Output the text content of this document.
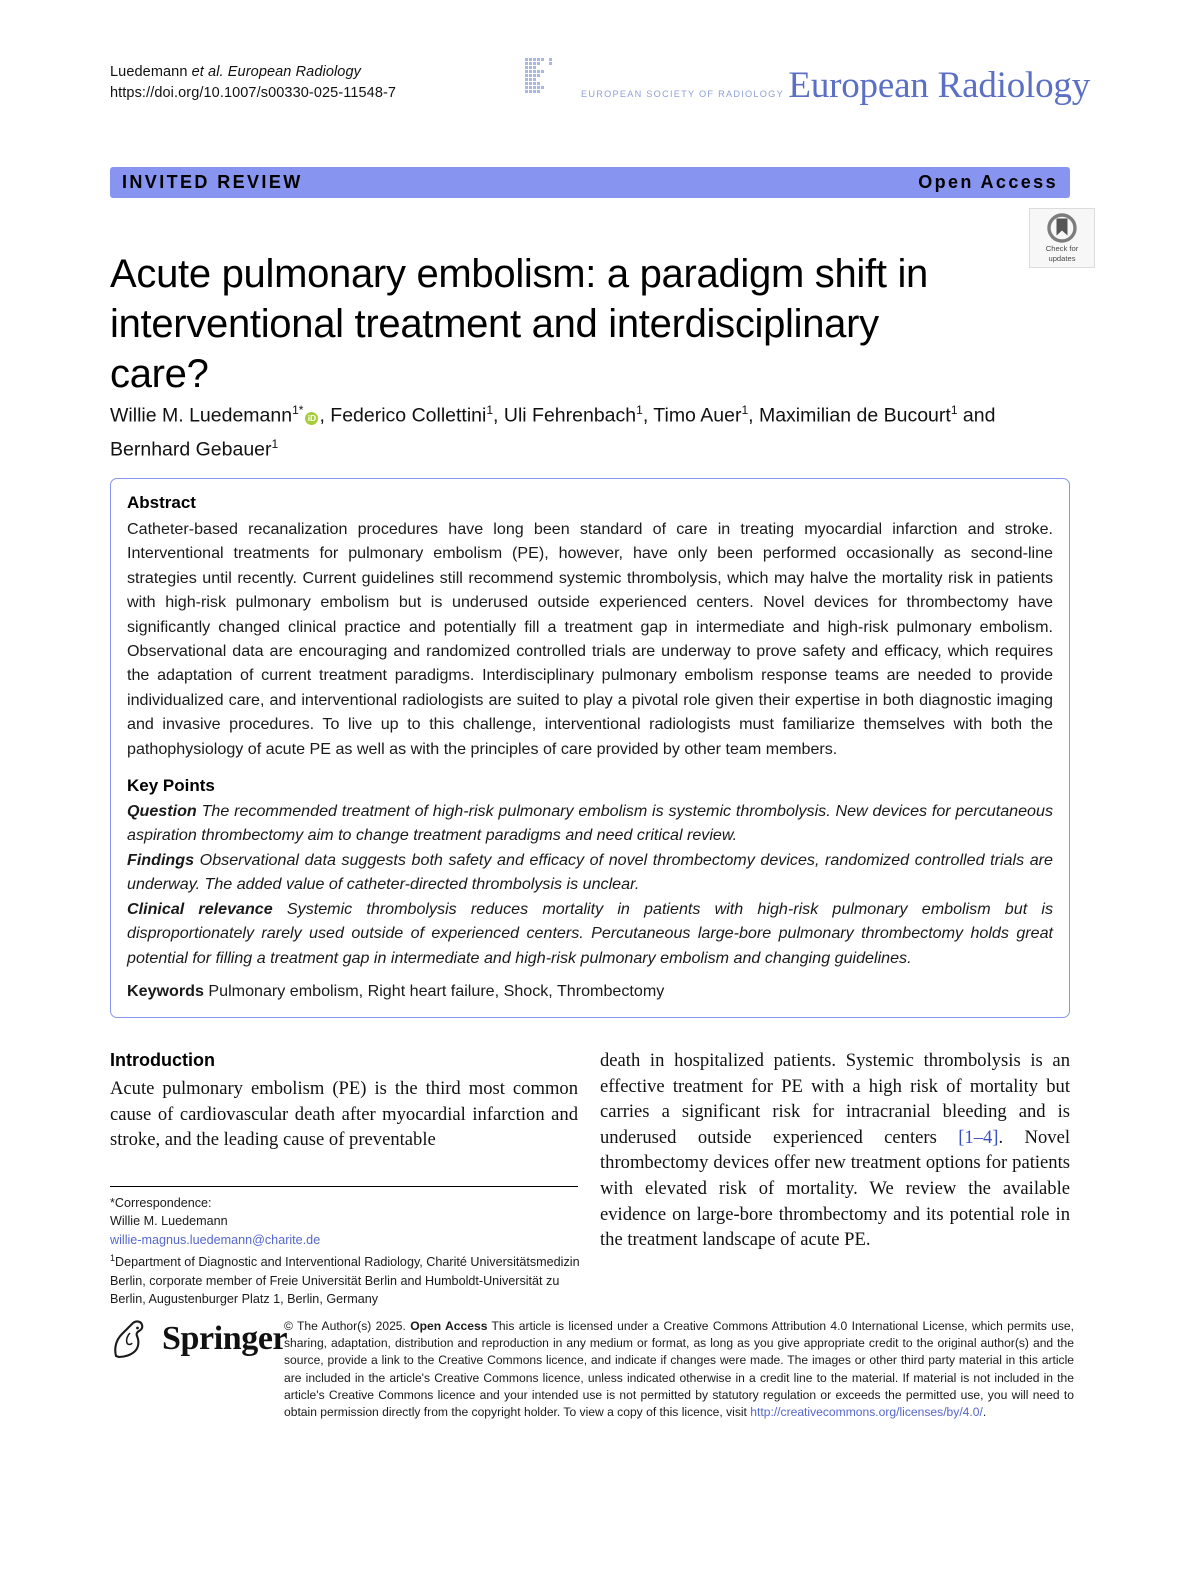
Luedemann et al. European Radiology
https://doi.org/10.1007/s00330-025-11548-7	EUROPEAN SOCIETY OF RADIOLOGY European Radiology
INVITED REVIEW	Open Access
Acute pulmonary embolism: a paradigm shift in interventional treatment and interdisciplinary care?
Check for
updates
Willie M. Luedemann$^{1*}$iD , Federico Collettini$^1$, Uli Fehrenbach$^1$, Timo Auer$^1$, Maximilian de Bucourt$^1$ and Bernhard Gebauer$^1$
Abstract

Catheter-based recanalization procedures have long been standard of care in treating myocardial infarction and stroke. Interventional treatments for pulmonary embolism (PE), however, have only been performed occasionally as second-line strategies until recently. Current guidelines still recommend systemic thrombolysis, which may halve the mortality risk in patients with high-risk pulmonary embolism but is underused outside experienced centers. Novel devices for thrombectomy have significantly changed clinical practice and potentially fill a treatment gap in intermediate and high-risk pulmonary embolism. Observational data are encouraging and randomized controlled trials are underway to prove safety and efficacy, which requires the adaptation of current treatment paradigms. Interdisciplinary pulmonary embolism response teams are needed to provide individualized care, and interventional radiologists are suited to play a pivotal role given their expertise in both diagnostic imaging and invasive procedures. To live up to this challenge, interventional radiologists must familiarize themselves with both the pathophysiology of acute PE as well as with the principles of care provided by other team members.

Key Points

Question The recommended treatment of high-risk pulmonary embolism is systemic thrombolysis. New devices for percutaneous aspiration thrombectomy aim to change treatment paradigms and need critical review.

Findings Observational data suggests both safety and efficacy of novel thrombectomy devices, randomized controlled trials are underway. The added value of catheter-directed thrombolysis is unclear.

Clinical relevance Systemic thrombolysis reduces mortality in patients with high-risk pulmonary embolism but is disproportionately rarely used outside of experienced centers. Percutaneous large-bore pulmonary thrombectomy holds great potential for filling a treatment gap in intermediate and high-risk pulmonary embolism and changing guidelines.

Keywords Pulmonary embolism, Right heart failure, Shock, Thrombectomy

Introduction

Acute pulmonary embolism (PE) is the third most common cause of cardiovascular death after myocardial infarction and stroke, and the leading cause of preventable

death in hospitalized patients. Systemic thrombolysis is an effective treatment for PE with a high risk of mortality but carries a significant risk for intracranial bleeding and is underused outside experienced centers [1–4]. Novel thrombectomy devices offer new treatment options for patients with elevated risk of mortality. We review the available evidence on large-bore thrombectomy and its potential role in the treatment landscape of acute PE.

*Correspondence:
Willie M. Luedemann
willie-magnus.luedemann@charite.de
$^1$Department of Diagnostic and Interventional Radiology, Charité Universitätsmedizin Berlin, corporate member of Freie Universität Berlin and Humboldt-Universität zu Berlin, Augustenburger Platz 1, Berlin, Germany
Springer
© The Author(s) 2025. Open Access This article is licensed under a Creative Commons Attribution 4.0 International License, which permits use, sharing, adaptation, distribution and reproduction in any medium or format, as long as you give appropriate credit to the original author(s) and the source, provide a link to the Creative Commons licence, and indicate if changes were made. The images or other third party material in this article are included in the article's Creative Commons licence, unless indicated otherwise in a credit line to the material. If material is not included in the article's Creative Commons licence and your intended use is not permitted by statutory regulation or exceeds the permitted use, you will need to obtain permission directly from the copyright holder. To view a copy of this licence, visit http://creativecommons.org/licenses/by/4.0/.
